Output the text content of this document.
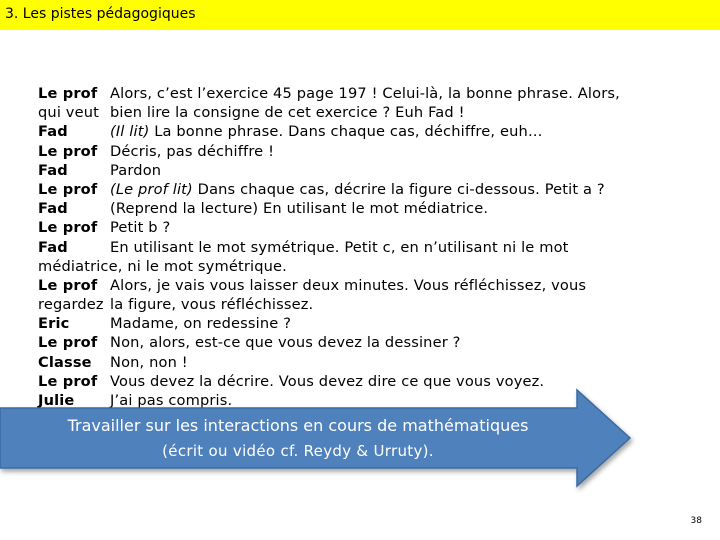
3. Les pistes pédagogiques
Le prof Alors, c’est l’exercice 45 page 197 ! Celui-là, la bonne phrase. Alors,
qui veut bien lire la consigne de cet exercice ? Euh Fad !
Fad	(Il lit) La bonne phrase. Dans chaque cas, déchiffre, euh…
Le prof Décris, pas déchiffre !
Fad	Pardon
Le prof (Le prof lit) Dans chaque cas, décrire la figure ci-dessous. Petit a ?
Fad	(Reprend la lecture) En utilisant le mot médiatrice.
Le prof Petit b ?
Fad	En utilisant le mot symétrique. Petit c, en n’utilisant ni le mot
médiatrice, ni le mot symétrique.
Le prof Alors, je vais vous laisser deux minutes. Vous réfléchissez, vous
regardez la figure, vous réfléchissez.
Eric	Madame, on redessine ?
Le prof Non, alors, est-ce que vous devez la dessiner ?
Classe Non, non !
Le prof Vous devez la décrire. Vous devez dire ce que vous voyez.
Julie J’ai pas compris.
Travailler sur les interactions en cours de mathématiques
(écrit ou vidéo cf. Reydy & Urruty).
38
